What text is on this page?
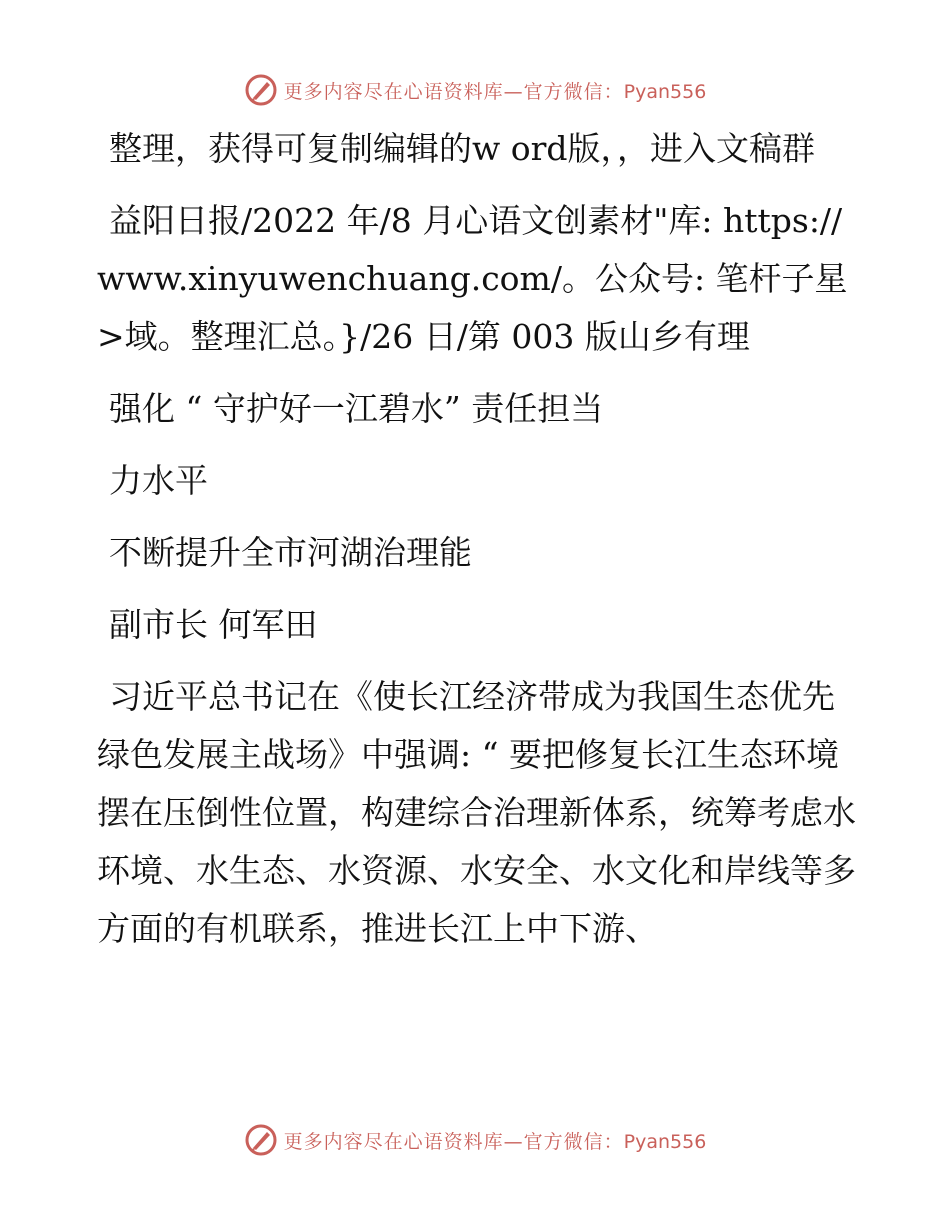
更多内容尽在心语资料库—官方微信：Pyan556

整理，获得可复制编辑的w ord版，，进入文稿群

益阳日报/2022 年/8 月心语文创素材"库: https://www.xinyuwenchuang.com/。公众号: 笔杆子星>域。整理汇总。}/26 日/第 003 版山乡有理

强化 “ 守护好一江碧水” 责任担当

力水平

不断提升全市河湖治理能

副市长 何军田

习近平总书记在《使长江经济带成为我国生态优先绿色发展主战场》中强调: “ 要把修复长江生态环境摆在压倒性位置，构建综合治理新体系，统筹考虑水环境、水生态、水资源、水安全、水文化和岸线等多方面的有机联系，推进长江上中下游、

更多内容尽在心语资料库—官方微信：Pyan556
